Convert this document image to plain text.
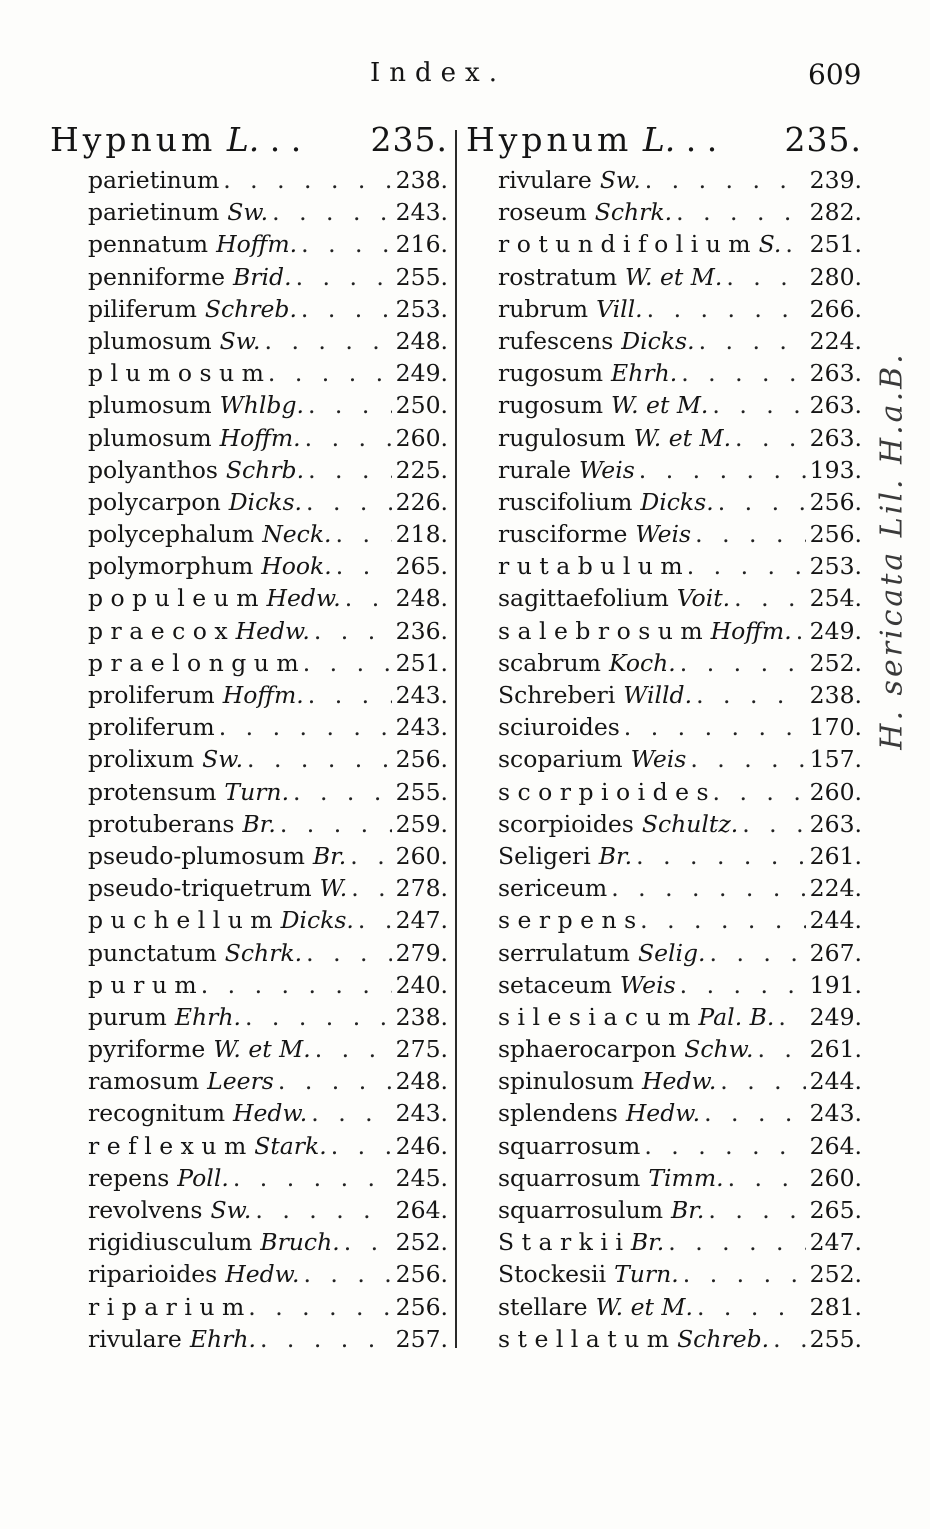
Index.	609
Hypnum L. . . 235.
parietinum . . .	238.
parietinum Sw. . . .	243.
pennatum Hoffm. . . .	216.
penniforme Brid. . . .	255.
piliferum Schreb. . . .	253.
plumosum Sw. . . .	248.
p l u m o s u m . . .	249.
plumosum Whlbg. . . .	250.
plumosum Hoffm. . . .	260.
polyanthos Schrb. . . .	225.
polycarpon Dicks. . . .	226.
polycephalum Neck. . . .	218.
polymorphum Hook. . . .	265.
p o p u l e u m Hedw. . . . 248.
p r a e c o x Hedw. . . .	236.
p r a e l o n g u m . . .	251.
proliferum Hoffm. . . .	243.
proliferum . . .	243.
prolixum Sw. . . .	256.
protensum Turn. . . .	255.
protuberans Br. . . .	259.
pseudo-plumosum Br. . . . 260.
pseudo-triquetrum W. . . . 278.
p u c h e l l u m Dicks. . . . 247.
punctatum Schrk. . . .	279.
p u r u m . . .	240.
purum Ehrh. . . .	238.
pyriforme W. et M. . . .	275.
ramosum Leers . . .	248.
recognitum Hedw. . . .	243.
r e f l e x u m Stark. . . .	246.
repens Poll. . . .	245.
revolvens Sw. . . .	264.
rigidiusculum Bruch. . . . 252.
riparioides Hedw. . . .	256.
r i p a r i u m . . .	256.
rivulare Ehrh. . . .	257.
Hypnum L. . . 235.
rivulare Sw. . . .	239.
roseum Schrk. . . .	282.
r o t u n d i f o l i u m S. . . . 251.
rostratum W. et M. . . .	280.
rubrum Vill. . . .	266.
rufescens Dicks. . . .	224.
rugosum Ehrh. . . .	263.
rugosum W. et M. . . .	263.
rugulosum W. et M. . . .	263.
rurale Weis . . .	193.
ruscifolium Dicks. . . .	256.
rusciforme Weis . . .	256.
r u t a b u l u m . . .	253.
sagittaefolium Voit. . . .	254.
s a l e b r o s u m Hoffm. . . . 249.
scabrum Koch. . . .	252.
Schreberi Willd. . . .	238.
sciuroides . . .	170.
scoparium Weis . . .	157.
s c o r p i o i d e s . . .	260.
scorpioides Schultz. . . .	263.
Seligeri Br. . . .	261.
sericeum . . .	224.
s e r p e n s . . .	244.
serrulatum Selig. . . .	267.
setaceum Weis . . .	191.
s i l e s i a c u m Pal. B. . . . 249.
sphaerocarpon Schw. . . . 261.
spinulosum Hedw. . . .	244.
splendens Hedw. . . .	243.
squarrosum . . .	264.
squarrosum Timm. . . .	260.
squarrosulum Br. . . .	265.
S t a r k i i Br. . . .	247.
Stockesii Turn. . . .	252.
stellare W. et M. . . .	281.
s t e l l a t u m Schreb. . . . 255.
H. sericata Lil. H.a.B.
